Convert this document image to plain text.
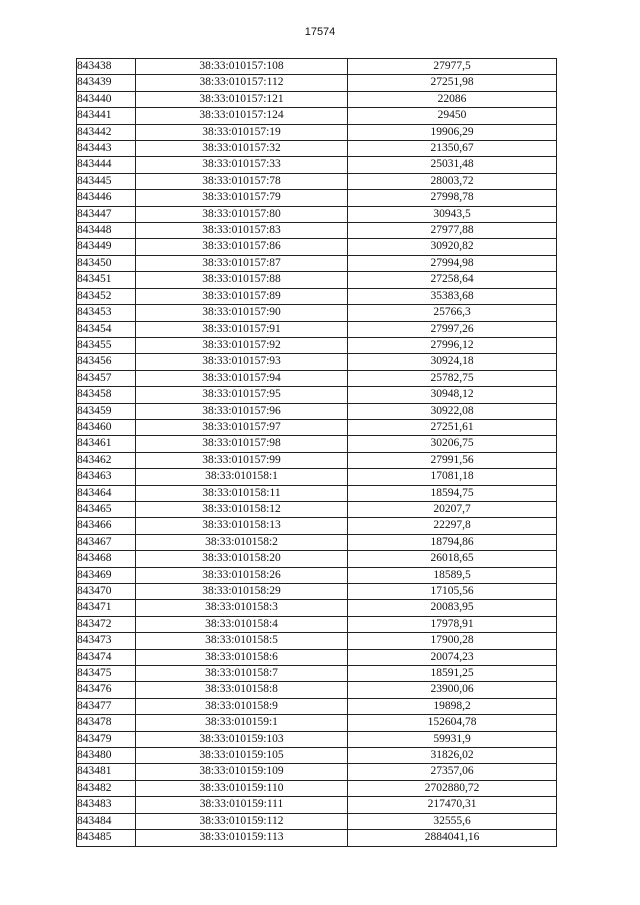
17574
843438	38:33:010157:108	27977,5
843439	38:33:010157:112	27251,98
843440	38:33:010157:121	22086
843441	38:33:010157:124	29450
843442	38:33:010157:19	19906,29
843443	38:33:010157:32	21350,67
843444	38:33:010157:33	25031,48
843445	38:33:010157:78	28003,72
843446	38:33:010157:79	27998,78
843447	38:33:010157:80	30943,5
843448	38:33:010157:83	27977,88
843449	38:33:010157:86	30920,82
843450	38:33:010157:87	27994,98
843451	38:33:010157:88	27258,64
843452	38:33:010157:89	35383,68
843453	38:33:010157:90	25766,3
843454	38:33:010157:91	27997,26
843455	38:33:010157:92	27996,12
843456	38:33:010157:93	30924,18
843457	38:33:010157:94	25782,75
843458	38:33:010157:95	30948,12
843459	38:33:010157:96	30922,08
843460	38:33:010157:97	27251,61
843461	38:33:010157:98	30206,75
843462	38:33:010157:99	27991,56
843463	38:33:010158:1	17081,18
843464	38:33:010158:11	18594,75
843465	38:33:010158:12	20207,7
843466	38:33:010158:13	22297,8
843467	38:33:010158:2	18794,86
843468	38:33:010158:20	26018,65
843469	38:33:010158:26	18589,5
843470	38:33:010158:29	17105,56
843471	38:33:010158:3	20083,95
843472	38:33:010158:4	17978,91
843473	38:33:010158:5	17900,28
843474	38:33:010158:6	20074,23
843475	38:33:010158:7	18591,25
843476	38:33:010158:8	23900,06
843477	38:33:010158:9	19898,2
843478	38:33:010159:1	152604,78
843479	38:33:010159:103	59931,9
843480	38:33:010159:105	31826,02
843481	38:33:010159:109	27357,06
843482	38:33:010159:110	2702880,72
843483	38:33:010159:111	217470,31
843484	38:33:010159:112	32555,6
843485	38:33:010159:113	2884041,16
